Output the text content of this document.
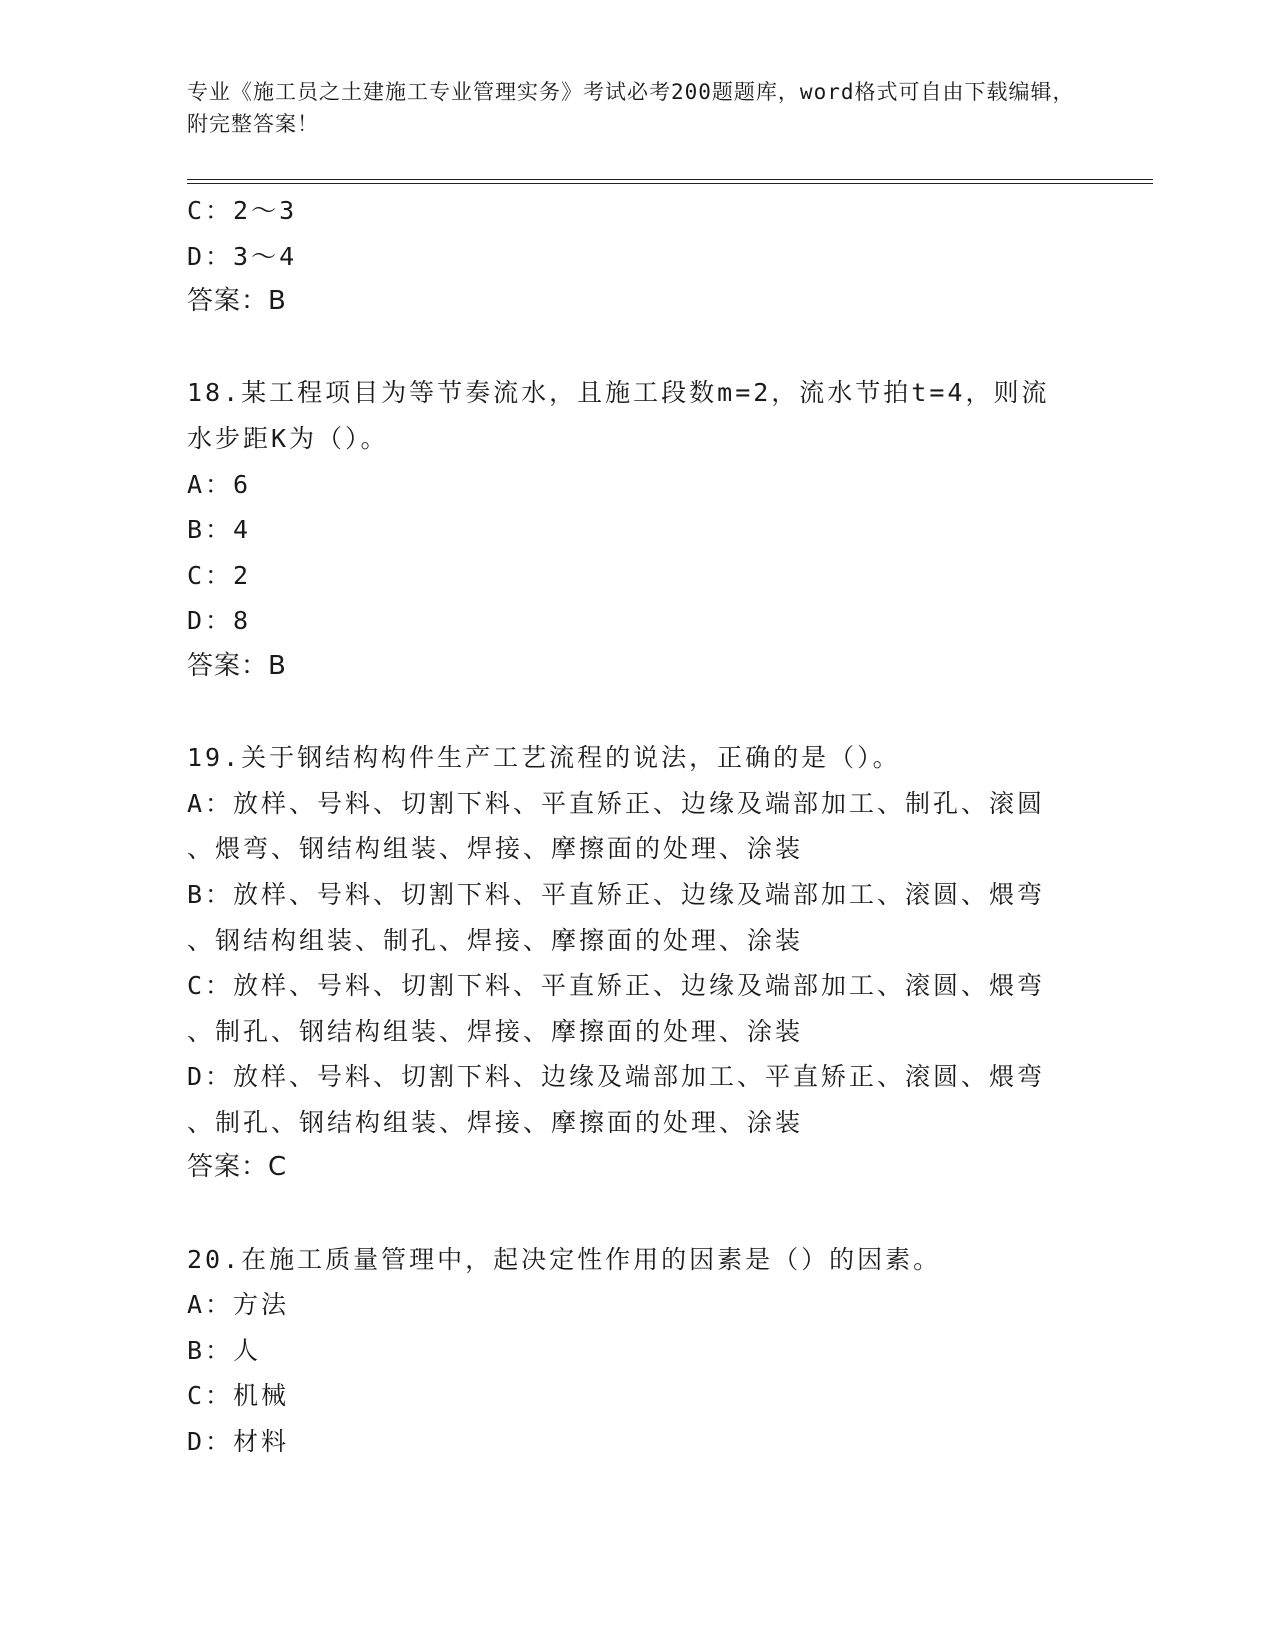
专业《施工员之土建施工专业管理实务》考试必考200题题库，word格式可自由下载编辑，附完整答案！
C：2～3
D：3～4
答案：B
18.某工程项目为等节奏流水，且施工段数m=2，流水节拍t=4，则流
水步距K为（）。
A：6
B：4
C：2
D：8
答案：B
19.关于钢结构构件生产工艺流程的说法，正确的是（）。
A：放样、号料、切割下料、平直矫正、边缘及端部加工、制孔、滚圆
、煨弯、钢结构组装、焊接、摩擦面的处理、涂装
B：放样、号料、切割下料、平直矫正、边缘及端部加工、滚圆、煨弯
、钢结构组装、制孔、焊接、摩擦面的处理、涂装
C：放样、号料、切割下料、平直矫正、边缘及端部加工、滚圆、煨弯
、制孔、钢结构组装、焊接、摩擦面的处理、涂装
D：放样、号料、切割下料、边缘及端部加工、平直矫正、滚圆、煨弯
、制孔、钢结构组装、焊接、摩擦面的处理、涂装
答案：C
20.在施工质量管理中，起决定性作用的因素是（）的因素。
A：方法
B：人
C：机械
D：材料
